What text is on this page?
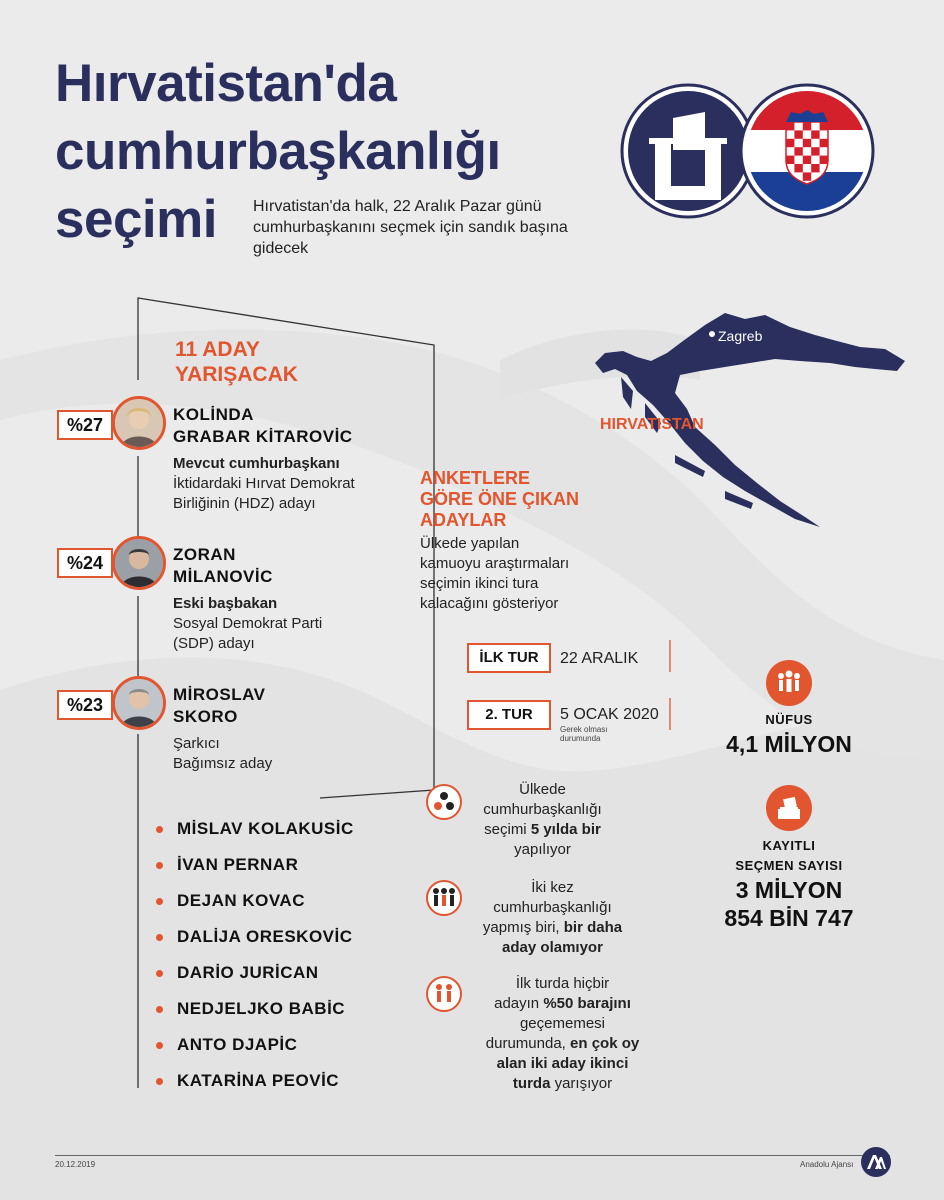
Hırvatistan'da
cumhurbaşkanlığı
seçimi	Hırvatistan'da halk, 22 Aralık Pazar günü cumhurbaşkanını seçmek için sandık başına gidecek
Zagreb
HIRVATISTAN
11 ADAY
YARIŞACAK
%27
KOLİNDA
GRABAR KİTAROVİC
Mevcut cumhurbaşkanı
İktidardaki Hırvat Demokrat
Birliğinin (HDZ) adayı
%24	ZORAN
MİLANOVİC
Eski başbakan
Sosyal Demokrat Parti
(SDP) adayı
%23
MİROSLAV
SKORO
Şarkıcı
Bağımsız aday
MİSLAV KOLAKUSİC
İVAN PERNAR
DEJAN KOVAC
DALİJA ORESKOVİC
DARİO JURİCAN
NEDJELJKO BABİC
ANTO DJAPİC
KATARİNA PEOVİC
ANKETLERE
GÖRE ÖNE ÇIKAN
ADAYLAR
Ülkede yapılan
kamuoyu araştırmaları
seçimin ikinci tura
kalacağını gösteriyor
İLK TUR	22 ARALIK
2. TUR	5 OCAK 2020
Gerek olması
durumunda
Ülkede
cumhurbaşkanlığı
seçimi 5 yılda bir
yapılıyor
İki kez
cumhurbaşkanlığı
yapmış biri, bir daha
aday olamıyor
İlk turda hiçbir
adayın %50 barajını
geçememesi
durumunda, en çok oy
alan iki aday ikinci
turda yarışıyor
NÜFUS
4,1 MİLYON
KAYITLI
SEÇMEN SAYISI
3 MİLYON
854 BİN 747
20.12.2019	Anadolu Ajansı
